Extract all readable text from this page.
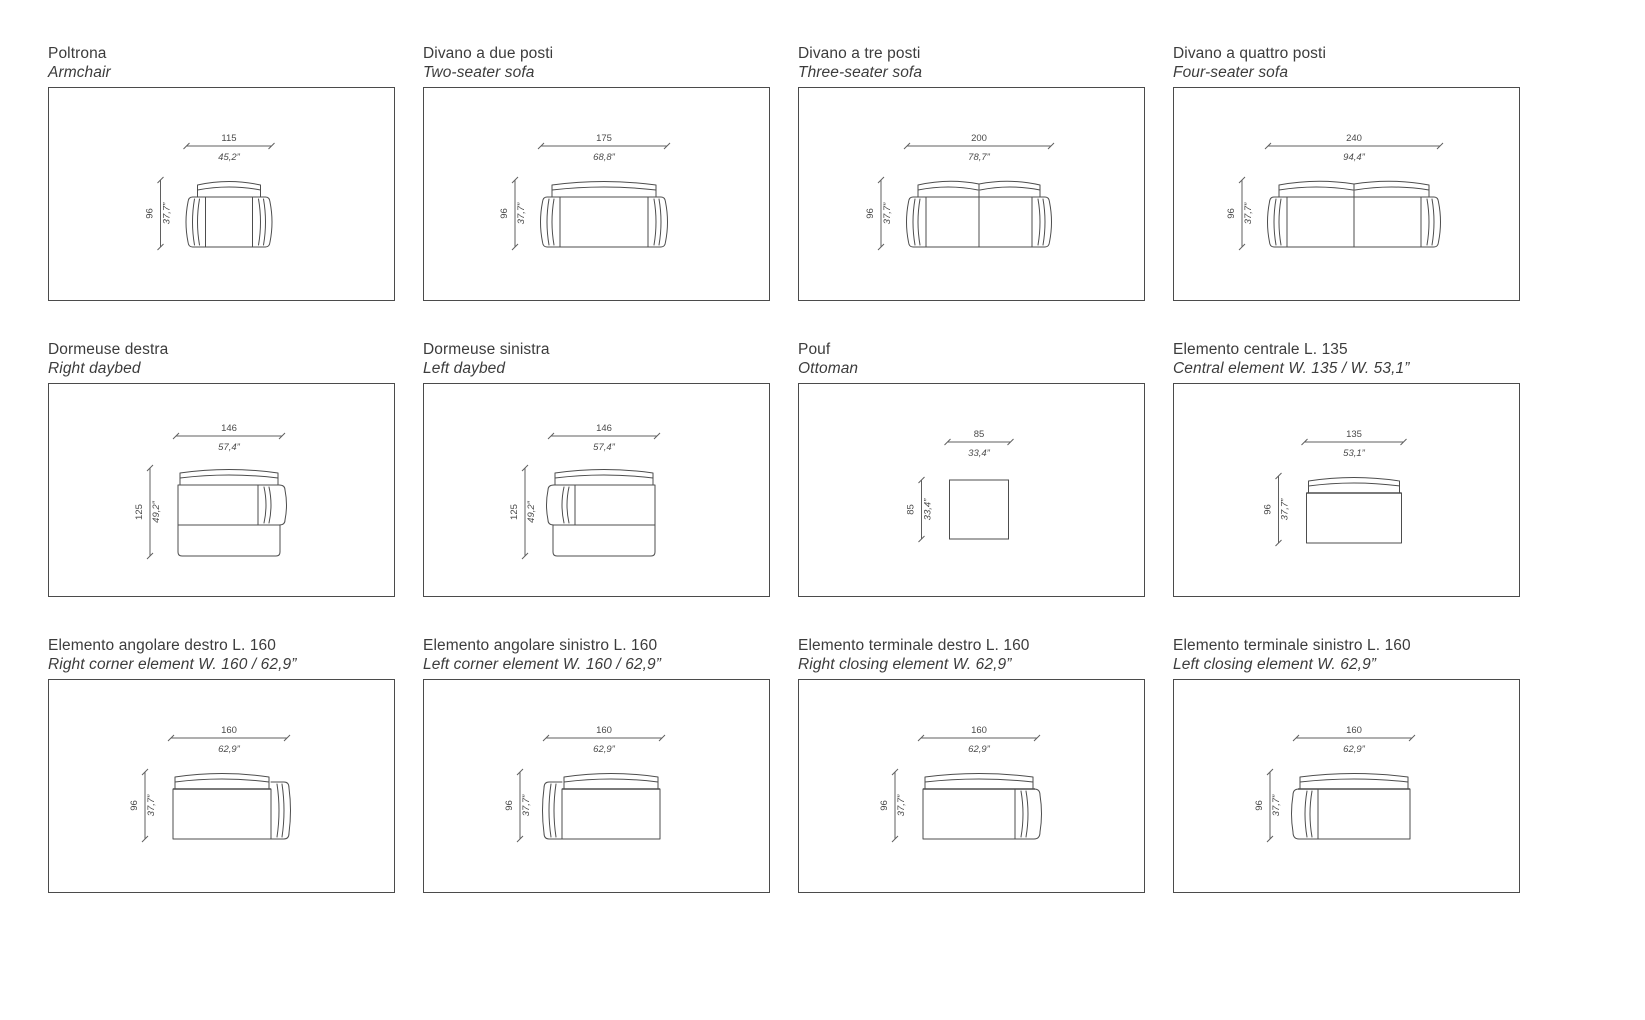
Poltrona
Armchair
115
45,2”
96 37,7”
Divano a due posti
Two-seater sofa
175
68,8”
96 37,7”
Divano a tre posti
Three-seater sofa
200
78,7”
96 37,7”
Divano a quattro posti
Four-seater sofa
240
94,4”
96 37,7”
Dormeuse destra
Right daybed
146
57,4”
125 49,2”
Dormeuse sinistra
Left daybed
146
57,4”
125 49,2”
Pouf
Ottoman
85
33,4”
85 33,4”
Elemento centrale L. 135
Central element W. 135 / W. 53,1”
135
53,1”
96 37,7”
Elemento angolare destro L. 160
Right corner element W. 160 / 62,9”
160
62,9”
96 37,7”
Elemento angolare sinistro L. 160
Left corner element W. 160 / 62,9”
160
62,9”
96 37,7”
Elemento terminale destro L. 160
Right closing element W. 62,9”
160
62,9”
96 37,7”
Elemento terminale sinistro L. 160
Left closing element W. 62,9”
160
62,9”
96 37,7”
